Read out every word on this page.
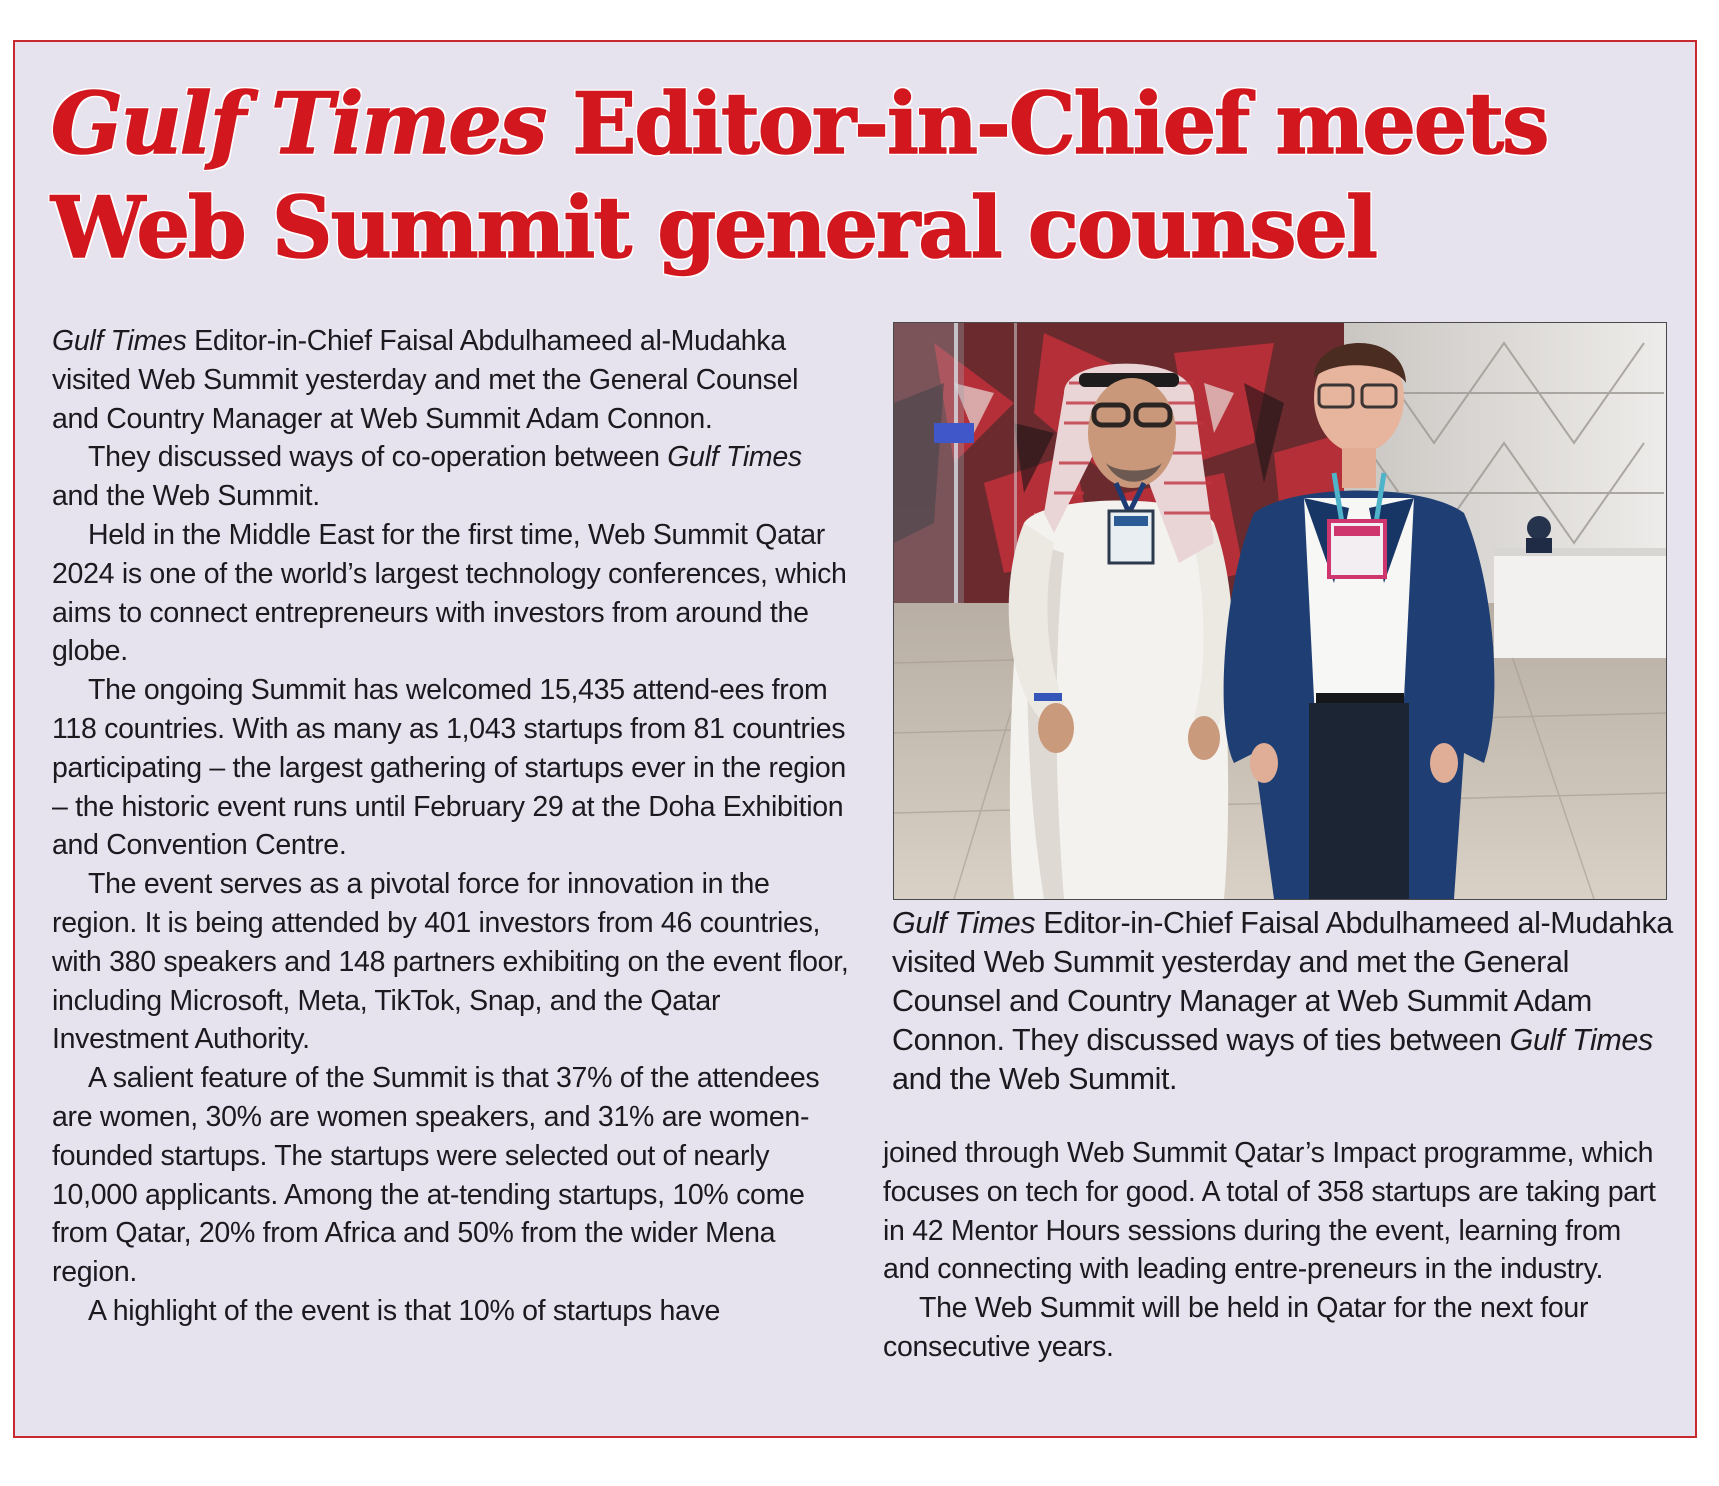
Gulf Times Editor-in-Chief meets
Web Summit general counsel

Gulf Times Editor-in-Chief Faisal Abdulhameed al-Mudahka visited Web Summit yesterday and met the General Counsel and Country Manager at Web Summit Adam Connon.

They discussed ways of co-operation between Gulf Times and the Web Summit.

Held in the Middle East for the first time, Web Summit Qatar 2024 is one of the world’s largest technology conferences, which aims to connect entrepreneurs with investors from around the globe.

The ongoing Summit has welcomed 15,435 attend-ees from 118 countries. With as many as 1,043 startups from 81 countries participating – the largest gathering of startups ever in the region – the historic event runs until February 29 at the Doha Exhibition and Convention Centre.

The event serves as a pivotal force for innovation in the region. It is being attended by 401 investors from 46 countries, with 380 speakers and 148 partners exhibiting on the event floor, including Microsoft, Meta, TikTok, Snap, and the Qatar Investment Authority.

A salient feature of the Summit is that 37% of the attendees are women, 30% are women speakers, and 31% are women-founded startups. The startups were selected out of nearly 10,000 applicants. Among the at-tending startups, 10% come from Qatar, 20% from Africa and 50% from the wider Mena region.

A highlight of the event is that 10% of startups have

Gulf Times Editor-in-Chief Faisal Abdulhameed al-Mudahka visited Web Summit yesterday and met the General Counsel and Country Manager at Web Summit Adam Connon. They discussed ways of ties between Gulf Times and the Web Summit.

joined through Web Summit Qatar’s Impact programme, which focuses on tech for good. A total of 358 startups are taking part in 42 Mentor Hours sessions during the event, learning from and connecting with leading entre-preneurs in the industry.

The Web Summit will be held in Qatar for the next four consecutive years.
